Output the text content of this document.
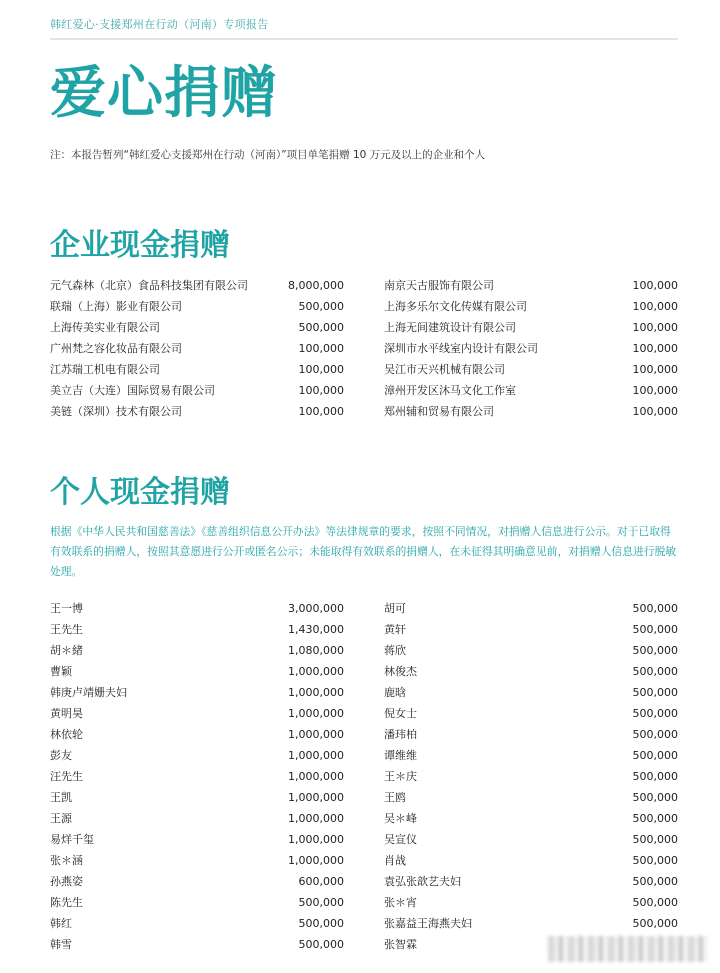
韩红爱心·支援郑州在行动（河南）专项报告
爱心捐赠
注：本报告暂列“韩红爱心支援郑州在行动（河南）”项目单笔捐赠 10 万元及以上的企业和个人
企业现金捐赠
元气森林（北京）食品科技集团有限公司	8,000,000	南京天古服饰有限公司	100,000
联瑞（上海）影业有限公司	500,000	上海多乐尔文化传媒有限公司	100,000
上海传美实业有限公司	500,000	上海无间建筑设计有限公司	100,000
广州梵之容化妆品有限公司	100,000	深圳市水平线室内设计有限公司	100,000
江苏瑞工机电有限公司	100,000	吴江市天兴机械有限公司	100,000
美立吉（大连）国际贸易有限公司	100,000	漳州开发区沐马文化工作室	100,000
美链（深圳）技术有限公司	100,000	郑州辅和贸易有限公司	100,000
个人现金捐赠
根据《中华人民共和国慈善法》《慈善组织信息公开办法》等法律规章的要求，按照不同情况，对捐赠人信息进行公示。对于已取得有效联系的捐赠人，按照其意愿进行公开或匿名公示；未能取得有效联系的捐赠人，在未征得其明确意见前，对捐赠人信息进行脱敏处理。
王一博	3,000,000	胡可	500,000
王先生	1,430,000	黄轩	500,000
胡＊緒	1,080,000	蒋欣	500,000
曹颖	1,000,000	林俊杰	500,000
韩庚卢靖姗夫妇	1,000,000	鹿晗	500,000
黄明昊	1,000,000	倪女士	500,000
林依轮	1,000,000	潘玮柏	500,000
彭友	1,000,000	谭维维	500,000
汪先生	1,000,000	王＊庆	500,000
王凯	1,000,000	王鸥	500,000
王源	1,000,000	吴＊峰	500,000
易烊千玺	1,000,000	吴宣仪	500,000
张＊涵	1,000,000	肖战	500,000
孙燕姿	600,000	袁弘张歆艺夫妇	500,000
陈先生	500,000	张＊宵	500,000
韩红	500,000	张嘉益王海燕夫妇	500,000
韩雪	500,000	张智霖
